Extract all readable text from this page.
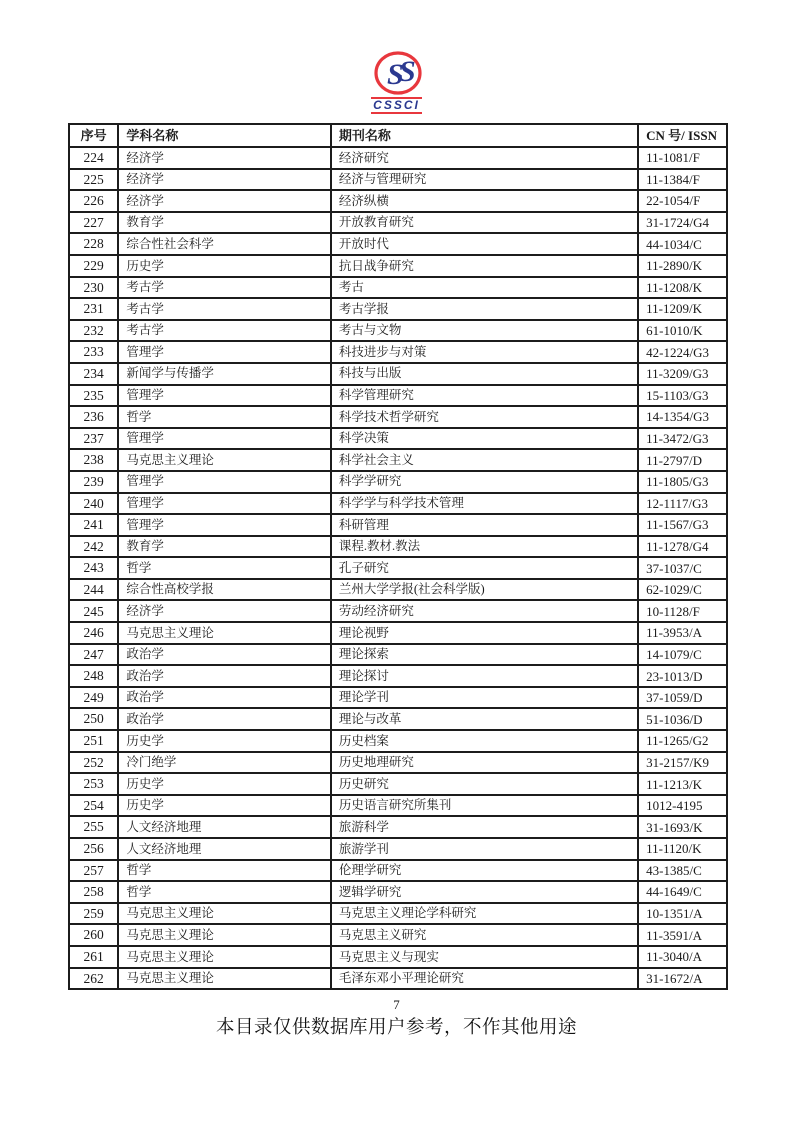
S
S
CSSCI
序号	学科名称	期刊名称	CN 号/ ISSN
224	经济学	经济研究	11-1081/F
225	经济学	经济与管理研究	11-1384/F
226	经济学	经济纵横	22-1054/F
227	教育学	开放教育研究	31-1724/G4
228	综合性社会科学	开放时代	44-1034/C
229	历史学	抗日战争研究	11-2890/K
230	考古学	考古	11-1208/K
231	考古学	考古学报	11-1209/K
232	考古学	考古与文物	61-1010/K
233	管理学	科技进步与对策	42-1224/G3
234	新闻学与传播学	科技与出版	11-3209/G3
235	管理学	科学管理研究	15-1103/G3
236	哲学	科学技术哲学研究	14-1354/G3
237	管理学	科学决策	11-3472/G3
238	马克思主义理论	科学社会主义	11-2797/D
239	管理学	科学学研究	11-1805/G3
240	管理学	科学学与科学技术管理	12-1117/G3
241	管理学	科研管理	11-1567/G3
242	教育学	课程.教材.教法	11-1278/G4
243	哲学	孔子研究	37-1037/C
244	综合性高校学报	兰州大学学报(社会科学版)	62-1029/C
245	经济学	劳动经济研究	10-1128/F
246	马克思主义理论	理论视野	11-3953/A
247	政治学	理论探索	14-1079/C
248	政治学	理论探讨	23-1013/D
249	政治学	理论学刊	37-1059/D
250	政治学	理论与改革	51-1036/D
251	历史学	历史档案	11-1265/G2
252	冷门绝学	历史地理研究	31-2157/K9
253	历史学	历史研究	11-1213/K
254	历史学	历史语言研究所集刊	1012-4195
255	人文经济地理	旅游科学	31-1693/K
256	人文经济地理	旅游学刊	11-1120/K
257	哲学	伦理学研究	43-1385/C
258	哲学	逻辑学研究	44-1649/C
259	马克思主义理论	马克思主义理论学科研究	10-1351/A
260	马克思主义理论	马克思主义研究	11-3591/A
261	马克思主义理论	马克思主义与现实	11-3040/A
262	马克思主义理论	毛泽东邓小平理论研究	31-1672/A
7
本目录仅供数据库用户参考，不作其他用途
